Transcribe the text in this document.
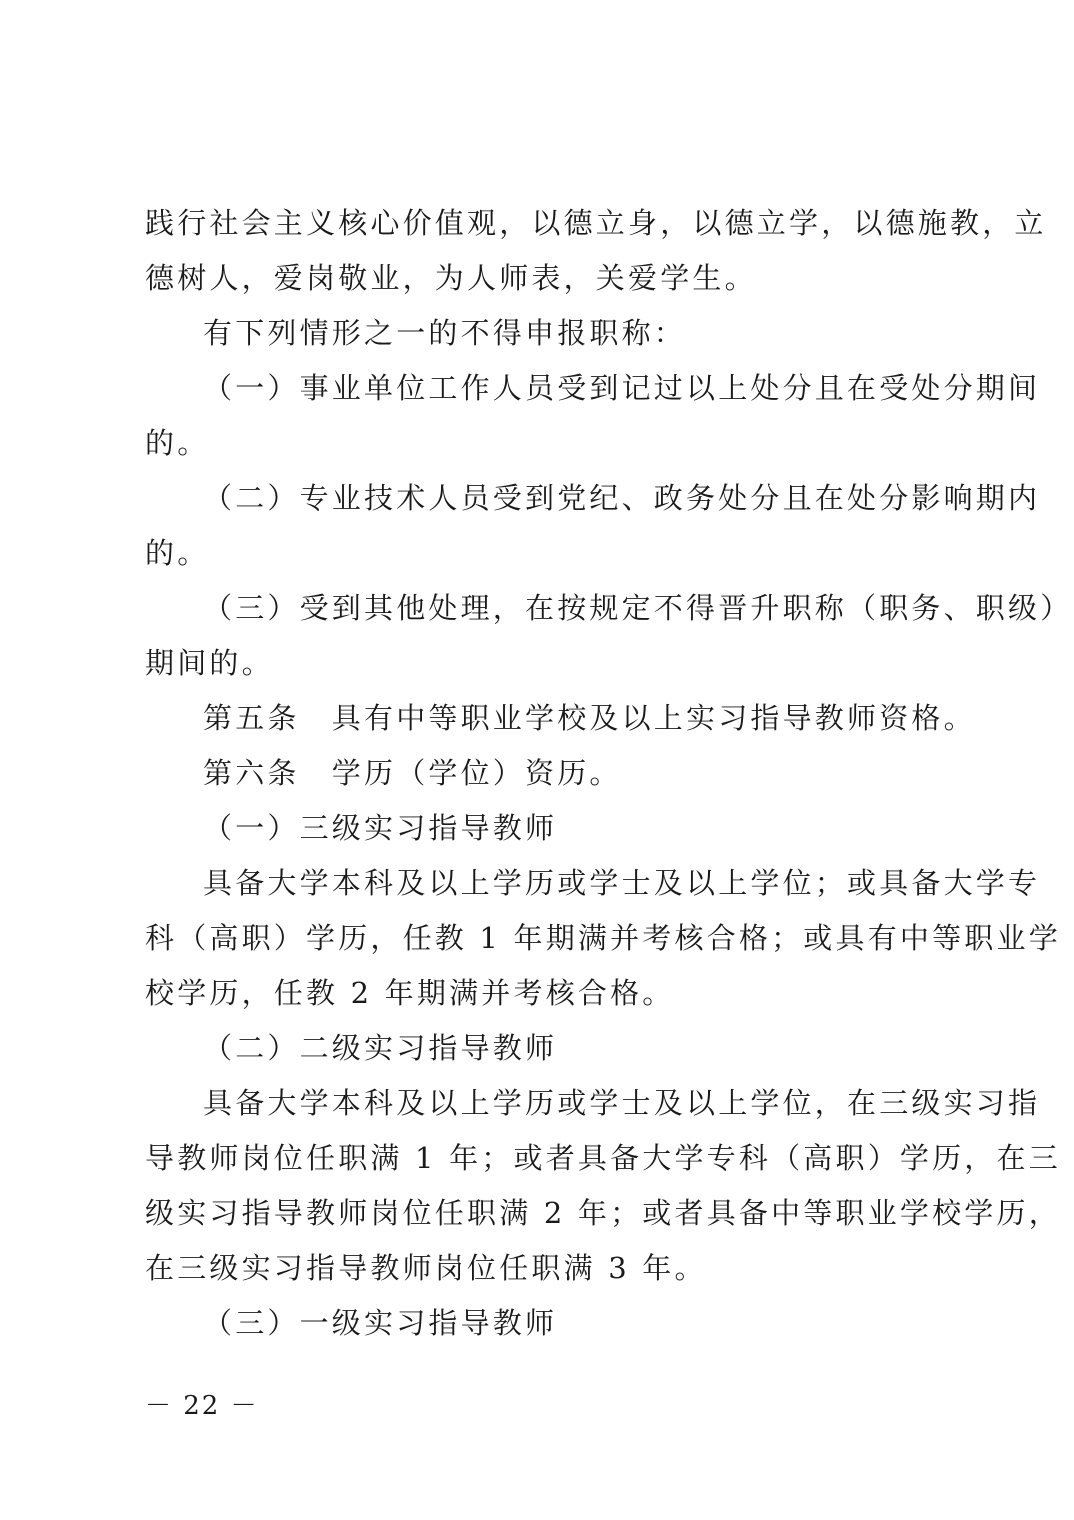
践行社会主义核心价值观，以德立身，以德立学，以德施教，立
德树人，爱岗敬业，为人师表，关爱学生。
有下列情形之一的不得申报职称：
（一）事业单位工作人员受到记过以上处分且在受处分期间
的。
（二）专业技术人员受到党纪、政务处分且在处分影响期内
的。
（三）受到其他处理，在按规定不得晋升职称（职务、职级）
期间的。
第五条　具有中等职业学校及以上实习指导教师资格。
第六条　学历（学位）资历。
（一）三级实习指导教师
具备大学本科及以上学历或学士及以上学位；或具备大学专
科（高职）学历，任教 1 年期满并考核合格；或具有中等职业学
校学历，任教 2 年期满并考核合格。
（二）二级实习指导教师
具备大学本科及以上学历或学士及以上学位，在三级实习指
导教师岗位任职满 1 年；或者具备大学专科（高职）学历，在三
级实习指导教师岗位任职满 2 年；或者具备中等职业学校学历，
在三级实习指导教师岗位任职满 3 年。
（三）一级实习指导教师
－ 22 －
